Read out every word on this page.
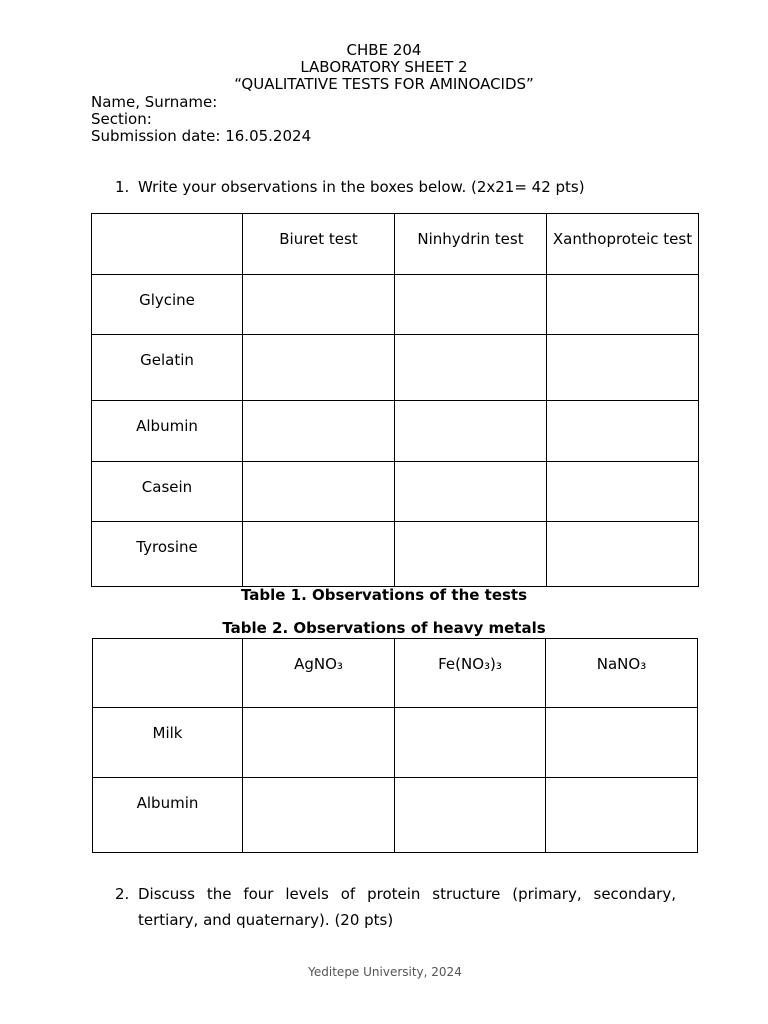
CHBE 204
LABORATORY SHEET 2
“QUALITATIVE TESTS FOR AMINOACIDS”
Name, Surname:
Section:
Submission date: 16.05.2024
1. Write your observations in the boxes below. (2x21= 42 pts)
	Biuret test	Ninhydrin test	Xanthoproteic test
Glycine			
Gelatin			
Albumin			
Casein			
Tyrosine			
Table 1. Observations of the tests
Table 2. Observations of heavy metals
	AgNO₃	Fe(NO₃)₃	NaNO₃
Milk			
Albumin			
2. Discuss the four levels of protein structure (primary, secondary, tertiary, and quaternary). (20 pts)
Yeditepe University, 2024
